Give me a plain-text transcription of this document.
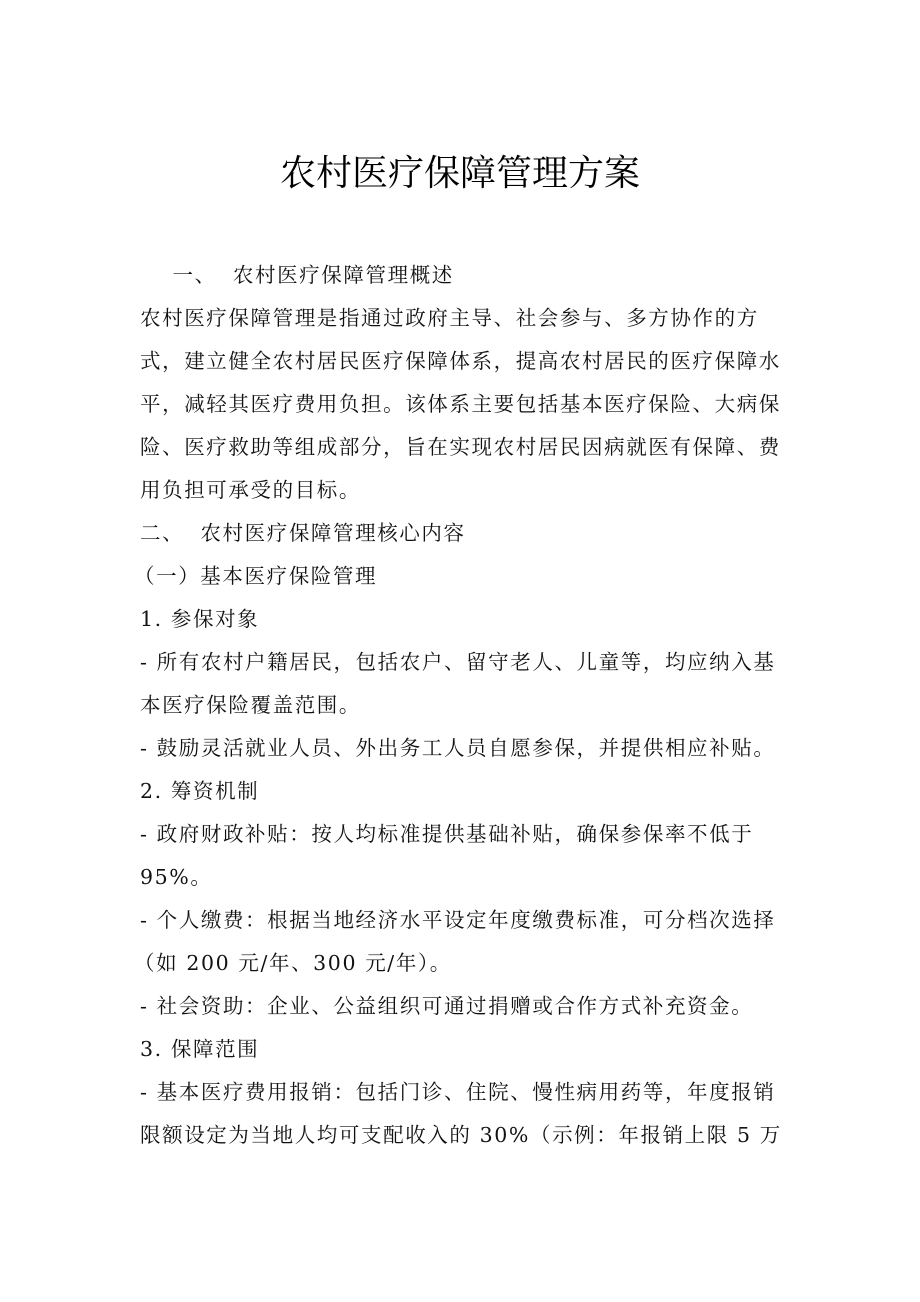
农村医疗保障管理方案
一、  农村医疗保障管理概述
农村医疗保障管理是指通过政府主导、社会参与、多方协作的方
式，建立健全农村居民医疗保障体系，提高农村居民的医疗保障水
平，减轻其医疗费用负担。该体系主要包括基本医疗保险、大病保
险、医疗救助等组成部分，旨在实现农村居民因病就医有保障、费
用负担可承受的目标。
二、  农村医疗保障管理核心内容
（一）基本医疗保险管理
1. 参保对象
- 所有农村户籍居民，包括农户、留守老人、儿童等，均应纳入基
本医疗保险覆盖范围。
- 鼓励灵活就业人员、外出务工人员自愿参保，并提供相应补贴。
2. 筹资机制
- 政府财政补贴：按人均标准提供基础补贴，确保参保率不低于
95%。
- 个人缴费：根据当地经济水平设定年度缴费标准，可分档次选择
（如 200 元/年、300 元/年）。
- 社会资助：企业、公益组织可通过捐赠或合作方式补充资金。
3. 保障范围
- 基本医疗费用报销：包括门诊、住院、慢性病用药等，年度报销
限额设定为当地人均可支配收入的 30%（示例：年报销上限 5 万
